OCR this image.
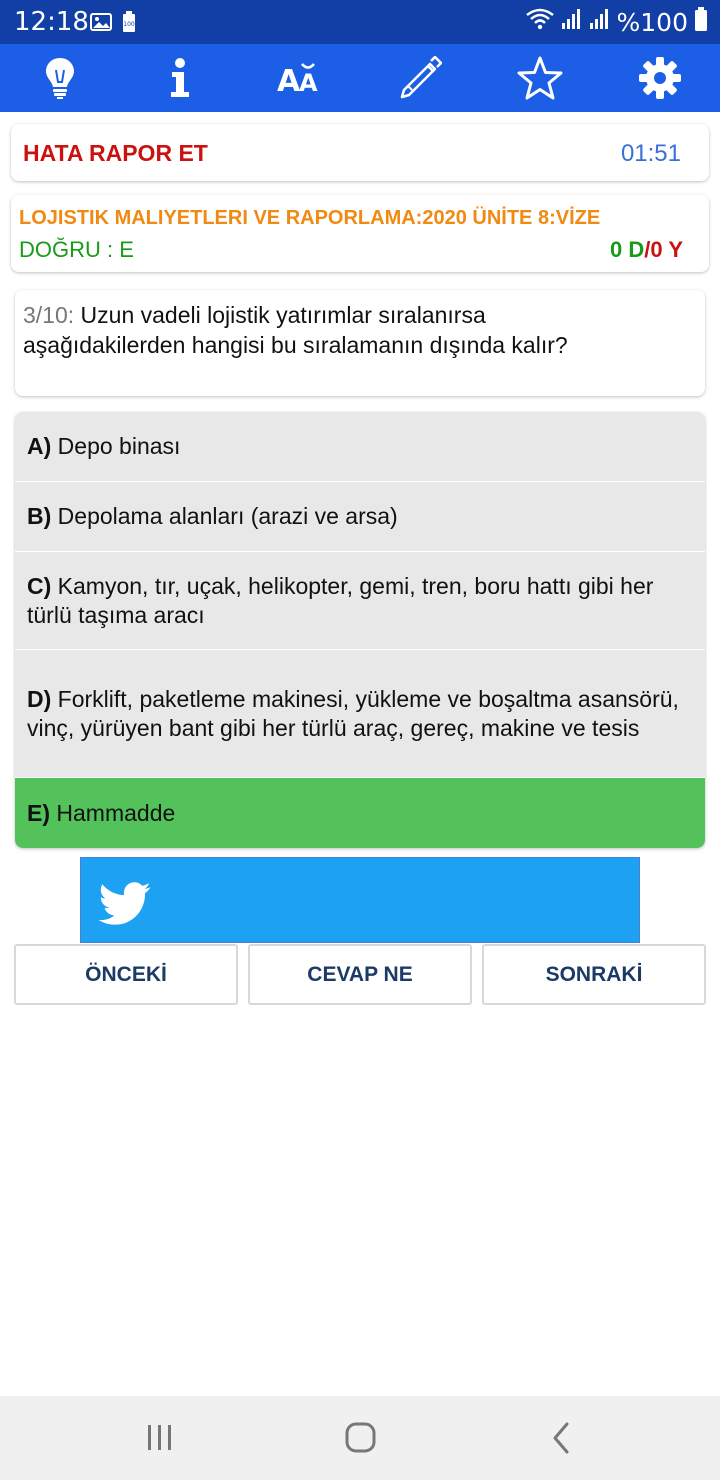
12:18	100	%100
A
A
HATA RAPOR ET	01:51
LOJISTIK MALIYETLERI VE RAPORLAMA:2020 ÜNİTE 8:VİZE
DOĞRU : E	0 D/0 Y
3/10: Uzun vadeli lojistik yatırımlar sıralanırsa aşağıdakilerden hangisi bu sıralamanın dışında kalır?
A) Depo binası
B) Depolama alanları (arazi ve arsa)
C) Kamyon, tır, uçak, helikopter, gemi, tren, boru hattı gibi her türlü taşıma aracı
D) Forklift, paketleme makinesi, yükleme ve boşaltma asansörü, vinç, yürüyen bant gibi her türlü araç, gereç, makine ve tesis
E) Hammadde
ÖNCEKİ	CEVAP NE	SONRAKİ
